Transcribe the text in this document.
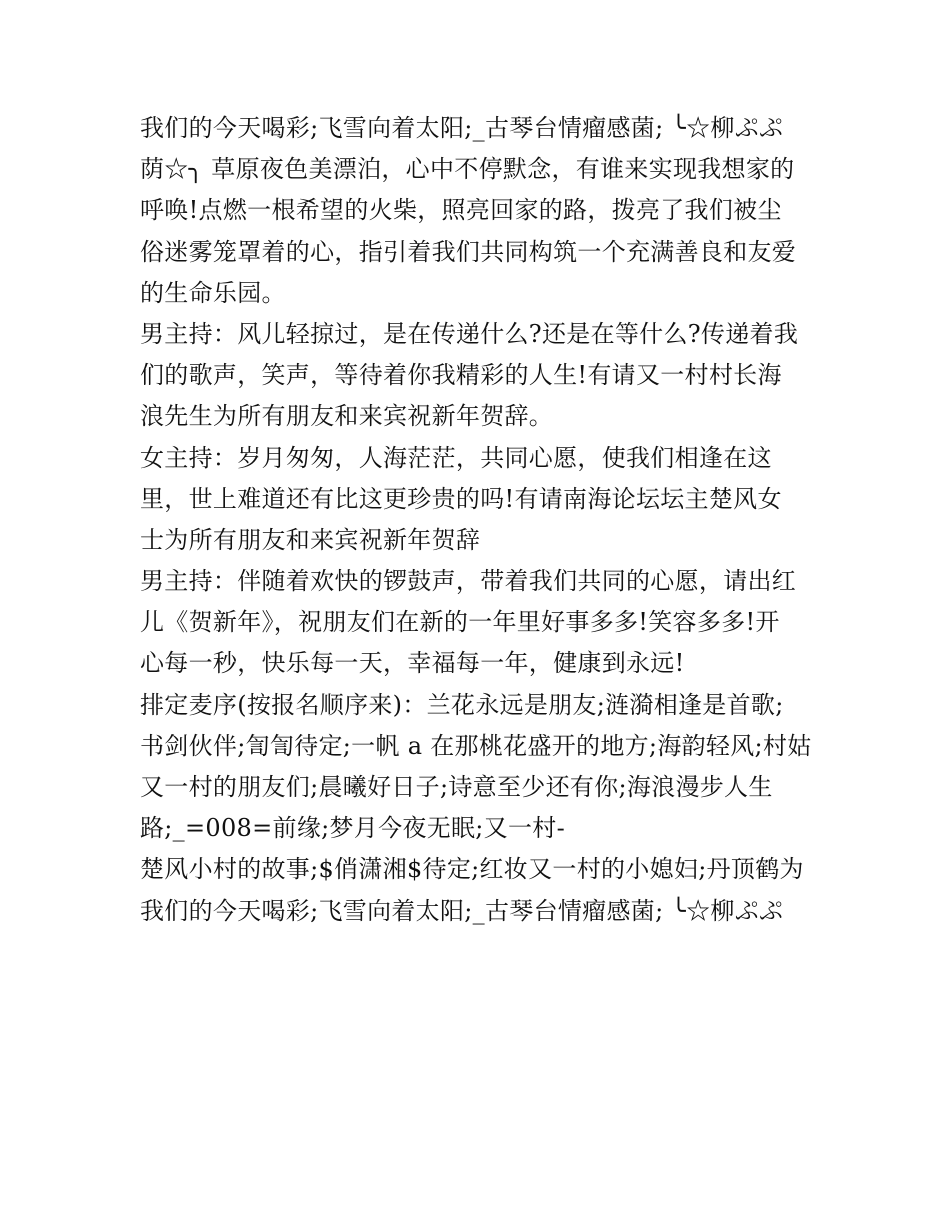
我们的今天喝彩;飞雪向着太阳;_古琴台情瘤感菌; ╰☆柳ぷぷ
荫☆╮ 草原夜色美漂泊，心中不停默念，有谁来实现我想家的
呼唤!点燃一根希望的火柴，照亮回家的路，拨亮了我们被尘
俗迷雾笼罩着的心，指引着我们共同构筑一个充满善良和友爱
的生命乐园。
男主持：风儿轻掠过，是在传递什么?还是在等什么?传递着我
们的歌声，笑声，等待着你我精彩的人生!有请又一村村长海
浪先生为所有朋友和来宾祝新年贺辞。
女主持：岁月匆匆，人海茫茫，共同心愿，使我们相逢在这
里，世上难道还有比这更珍贵的吗!有请南海论坛坛主楚风女
士为所有朋友和来宾祝新年贺辞
男主持：伴随着欢快的锣鼓声，带着我们共同的心愿，请出红
儿《贺新年》，祝朋友们在新的一年里好事多多!笑容多多!开
心每一秒，快乐每一天，幸福每一年，健康到永远!
排定麦序(按报名顺序来)：兰花永远是朋友;涟漪相逢是首歌;
书剑伙伴;訇訇待定;一帆 a 在那桃花盛开的地方;海韵轻风;村姑
又一村的朋友们;晨曦好日子;诗意至少还有你;海浪漫步人生
路;_=008=前缘;梦月今夜无眠;又一村-
楚风小村的故事;$俏潇湘$待定;红妆又一村的小媳妇;丹顶鹤为
我们的今天喝彩;飞雪向着太阳;_古琴台情瘤感菌; ╰☆柳ぷぷ
